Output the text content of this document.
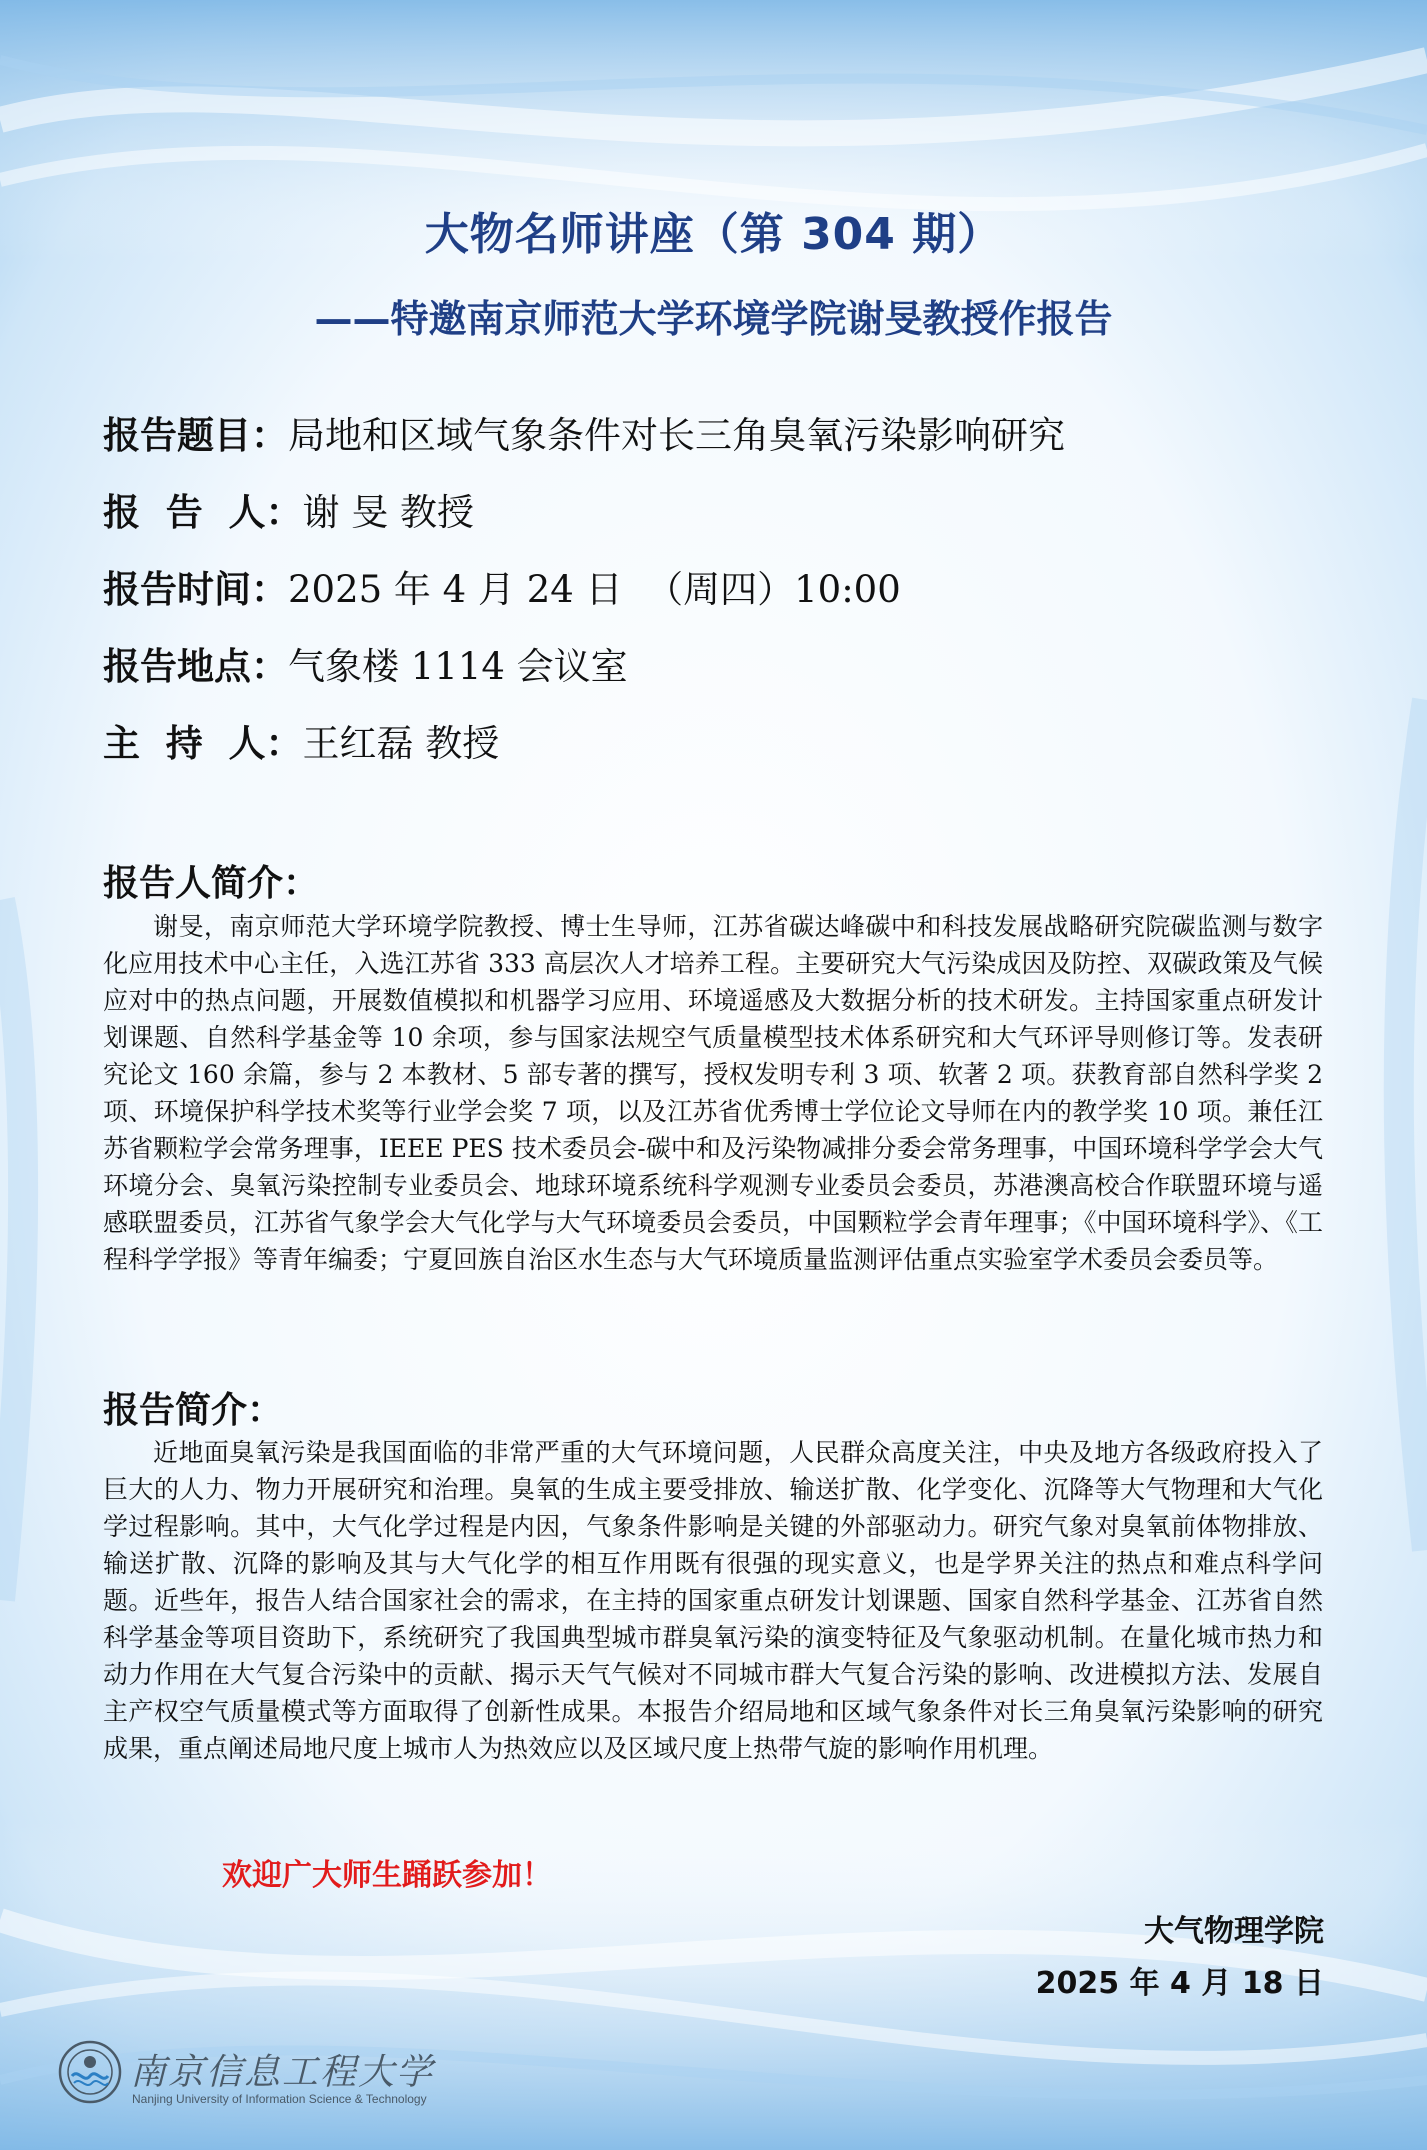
大物名师讲座（第 304 期）
——特邀南京师范大学环境学院谢旻教授作报告
报告题目：局地和区域气象条件对长三角臭氧污染影响研究
报  告  人：谢 旻 教授
报告时间：2025 年 4 月 24 日  （周四）10:00
报告地点：气象楼 1114 会议室
主  持  人：王红磊 教授
报告人简介：
谢旻，南京师范大学环境学院教授、博士生导师，江苏省碳达峰碳中和科技发展战略研究院碳监测与数字化应用技术中心主任，入选江苏省 333 高层次人才培养工程。主要研究大气污染成因及防控、双碳政策及气候应对中的热点问题，开展数值模拟和机器学习应用、环境遥感及大数据分析的技术研发。主持国家重点研发计划课题、自然科学基金等 10 余项，参与国家法规空气质量模型技术体系研究和大气环评导则修订等。发表研究论文 160 余篇，参与 2 本教材、5 部专著的撰写，授权发明专利 3 项、软著 2 项。获教育部自然科学奖 2 项、环境保护科学技术奖等行业学会奖 7 项，以及江苏省优秀博士学位论文导师在内的教学奖 10 项。兼任江苏省颗粒学会常务理事，IEEE PES 技术委员会-碳中和及污染物减排分委会常务理事，中国环境科学学会大气环境分会、臭氧污染控制专业委员会、地球环境系统科学观测专业委员会委员，苏港澳高校合作联盟环境与遥感联盟委员，江苏省气象学会大气化学与大气环境委员会委员，中国颗粒学会青年理事；《中国环境科学》、《工程科学学报》等青年编委；宁夏回族自治区水生态与大气环境质量监测评估重点实验室学术委员会委员等。
报告简介：
近地面臭氧污染是我国面临的非常严重的大气环境问题，人民群众高度关注，中央及地方各级政府投入了巨大的人力、物力开展研究和治理。臭氧的生成主要受排放、输送扩散、化学变化、沉降等大气物理和大气化学过程影响。其中，大气化学过程是内因，气象条件影响是关键的外部驱动力。研究气象对臭氧前体物排放、输送扩散、沉降的影响及其与大气化学的相互作用既有很强的现实意义，也是学界关注的热点和难点科学问题。近些年，报告人结合国家社会的需求，在主持的国家重点研发计划课题、国家自然科学基金、江苏省自然科学基金等项目资助下，系统研究了我国典型城市群臭氧污染的演变特征及气象驱动机制。在量化城市热力和动力作用在大气复合污染中的贡献、揭示天气气候对不同城市群大气复合污染的影响、改进模拟方法、发展自主产权空气质量模式等方面取得了创新性成果。本报告介绍局地和区域气象条件对长三角臭氧污染影响的研究成果，重点阐述局地尺度上城市人为热效应以及区域尺度上热带气旋的影响作用机理。
欢迎广大师生踊跃参加！
大气物理学院
2025 年 4 月 18 日
南京信息工程大学
Nanjing University of Information Science & Technology
